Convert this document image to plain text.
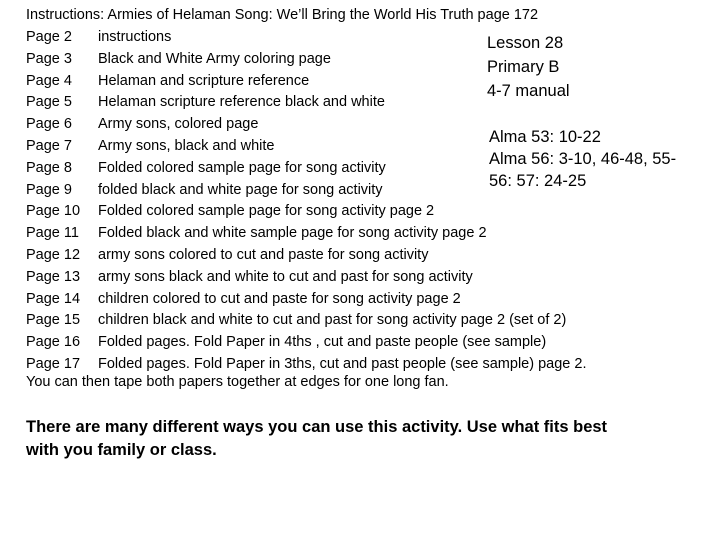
Instructions: Armies of Helaman Song: We’ll Bring the World His Truth page 172
Page 2 instructions
Page 3 Black and White Army coloring page
Page 4 Helaman and scripture reference
Page 5 Helaman scripture reference black and white
Page 6 Army sons, colored page
Page 7 Army sons, black and white
Page 8 Folded colored sample page for song activity
Page 9 folded black and white page for song activity
Page 10 Folded colored sample page for song activity page 2
Page 11 Folded black and white sample page for song activity page 2
Page 12 army sons colored to cut and paste for song activity
Page 13 army sons black and white to cut and past for song activity
Page 14 children colored to cut and paste for song activity page 2
Page 15 children black and white to cut and past for song activity page 2 (set of 2)
Page 16 Folded pages. Fold Paper in 4ths , cut and paste people (see sample)
Page 17 Folded pages. Fold Paper in 3ths, cut and past people (see sample) page 2.
You can then tape both papers together at edges for one long fan.
Lesson 28
Primary B
4-7 manual
Alma 53: 10-22
Alma 56: 3-10, 46-48, 55-
56: 57: 24-25
There are many different ways you can use this activity. Use what fits best with you family or class.
